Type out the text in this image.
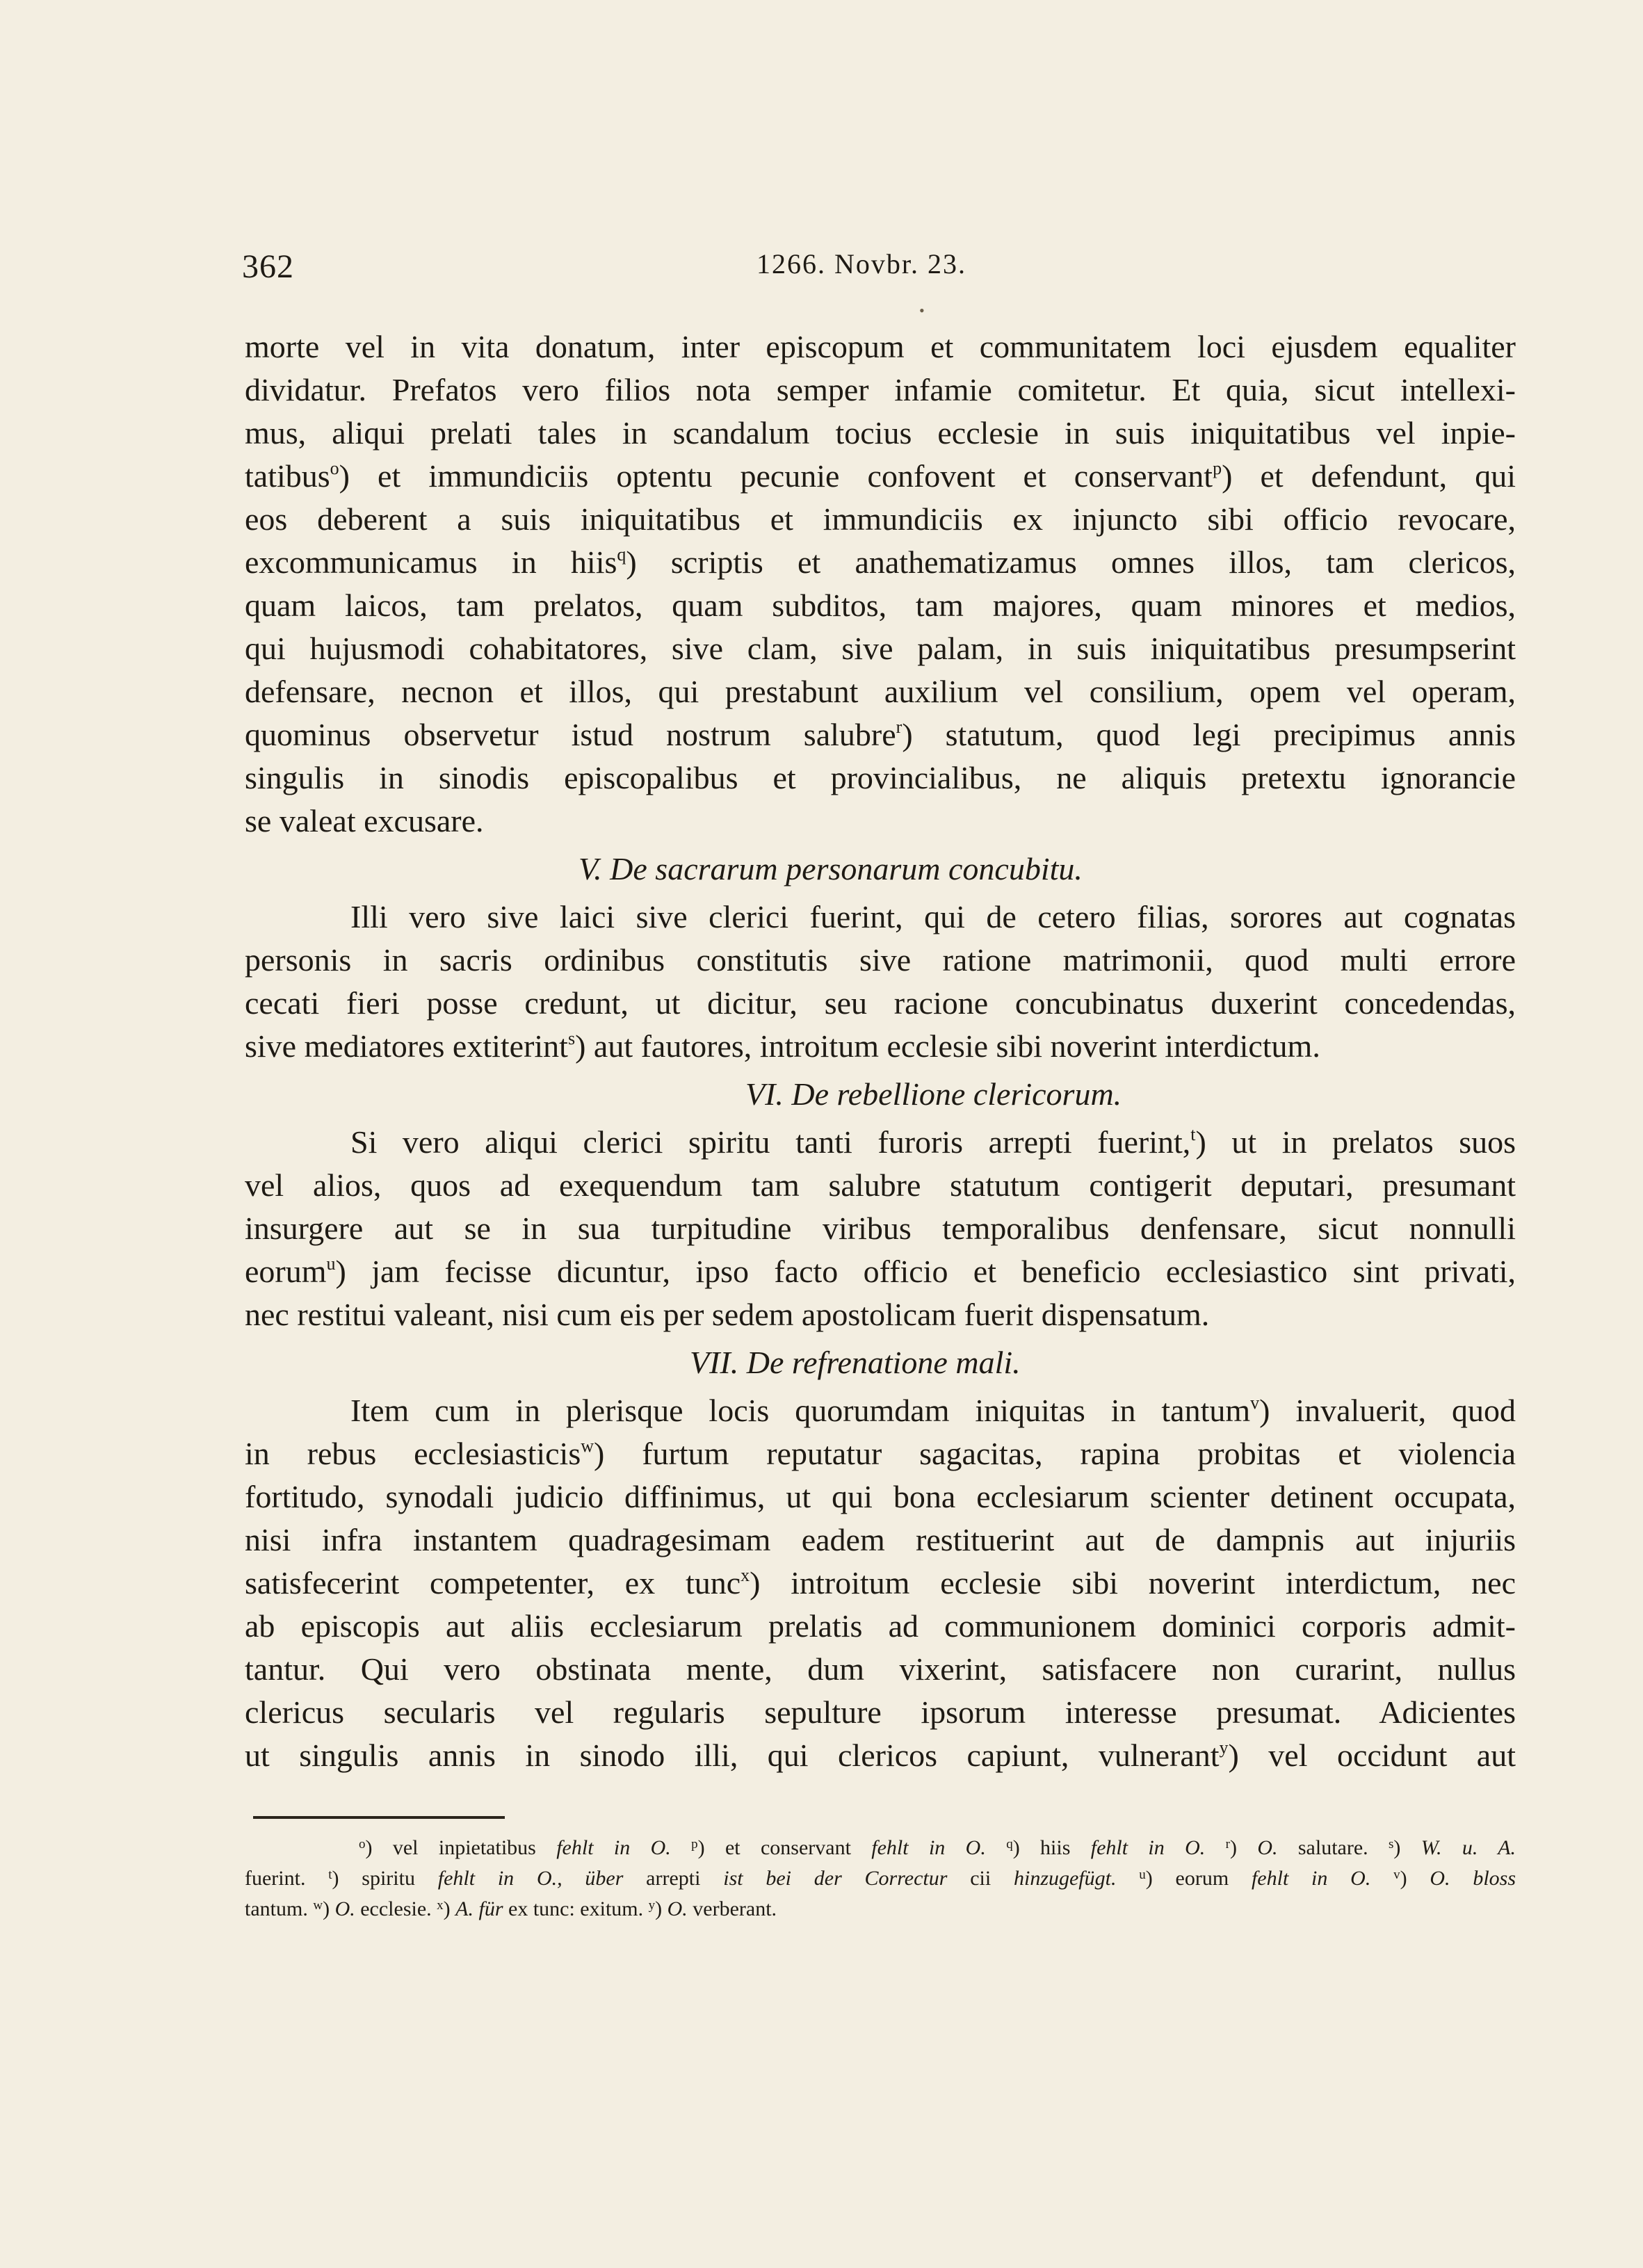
362	1266. Novbr. 23.
•
morte vel in vita donatum, inter episcopum et communitatem loci ejusdem equaliter
dividatur. Prefatos vero filios nota semper infamie comitetur. Et quia, sicut intellexi-
mus, aliqui prelati tales in scandalum tocius ecclesie in suis iniquitatibus vel inpie-
tatibus$^o$) et immundiciis optentu pecunie confovent et conservant$^p$) et defendunt, qui
eos deberent a suis iniquitatibus et immundiciis ex injuncto sibi officio revocare,
excommunicamus in hiis$^q$) scriptis et anathematizamus omnes illos, tam clericos,
quam laicos, tam prelatos, quam subditos, tam majores, quam minores et medios,
qui hujusmodi cohabitatores, sive clam, sive palam, in suis iniquitatibus presumpserint
defensare, necnon et illos, qui prestabunt auxilium vel consilium, opem vel operam,
quominus observetur istud nostrum salubre$^r$) statutum, quod legi precipimus annis
singulis in sinodis episcopalibus et provincialibus, ne aliquis pretextu ignorancie
se valeat excusare.
V. De sacrarum personarum concubitu.
Illi vero sive laici sive clerici fuerint, qui de cetero filias, sorores aut cognatas
personis in sacris ordinibus constitutis sive ratione matrimonii, quod multi errore
cecati fieri posse credunt, ut dicitur, seu racione concubinatus duxerint concedendas,
sive mediatores extiterint$^s$) aut fautores, introitum ecclesie sibi noverint interdictum.
VI. De rebellione clericorum.
Si vero aliqui clerici spiritu tanti furoris arrepti fuerint,$^t$) ut in prelatos suos
vel alios, quos ad exequendum tam salubre statutum contigerit deputari, presumant
insurgere aut se in sua turpitudine viribus temporalibus denfensare, sicut nonnulli
eorum$^u$) jam fecisse dicuntur, ipso facto officio et beneficio ecclesiastico sint privati,
nec restitui valeant, nisi cum eis per sedem apostolicam fuerit dispensatum.
VII. De refrenatione mali.
Item cum in plerisque locis quorumdam iniquitas in tantum$^v$) invaluerit, quod
in rebus ecclesiasticis$^w$) furtum reputatur sagacitas, rapina probitas et violencia
fortitudo, synodali judicio diffinimus, ut qui bona ecclesiarum scienter detinent occupata,
nisi infra instantem quadragesimam eadem restituerint aut de dampnis aut injuriis
satisfecerint competenter, ex tunc$^x$) introitum ecclesie sibi noverint interdictum, nec
ab episcopis aut aliis ecclesiarum prelatis ad communionem dominici corporis admit-
tantur. Qui vero obstinata mente, dum vixerint, satisfacere non curarint, nullus
clericus secularis vel regularis sepulture ipsorum interesse presumat. Adicientes
ut singulis annis in sinodo illi, qui clericos capiunt, vulnerant$^y$) vel occidunt aut
$^o$) vel inpietatibus fehlt in O. $^p$) et conservant fehlt in O. $^q$) hiis fehlt in O. $^r$) O. salutare. $^s$) W. u. A.
fuerint. $^t$) spiritu fehlt in O., über arrepti ist bei der Correctur cii hinzugefügt. $^u$) eorum fehlt in O. $^v$) O. bloss
tantum. $^w$) O. ecclesie. $^x$) A. für ex tunc: exitum. $^y$) O. verberant.
